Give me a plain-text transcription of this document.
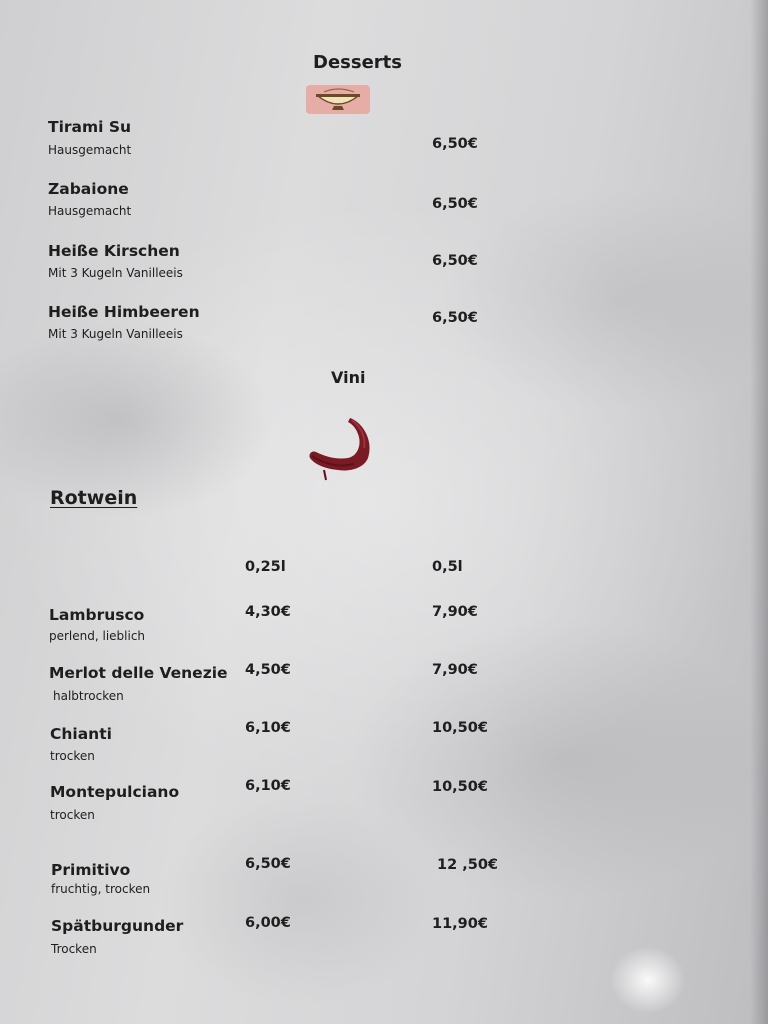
Desserts
Tirami Su
Hausgemacht	6,50€
Zabaione
Hausgemacht	6,50€
Heiße Kirschen
Mit 3 Kugeln Vanilleeis
6,50€
Heiße Himbeeren
Mit 3 Kugeln Vanilleeis
6,50€
Vini
Rotwein
0,25l	0,5l
Lambrusco
perlend, lieblich
4,30€	7,90€
Merlot delle Venezie
halbtrocken
4,50€	7,90€
Chianti
trocken
6,10€	10,50€
Montepulciano
trocken
6,10€	10,50€
Primitivo
fruchtig, trocken
6,50€	12 ,50€
Spätburgunder
Trocken
6,00€	11,90€
